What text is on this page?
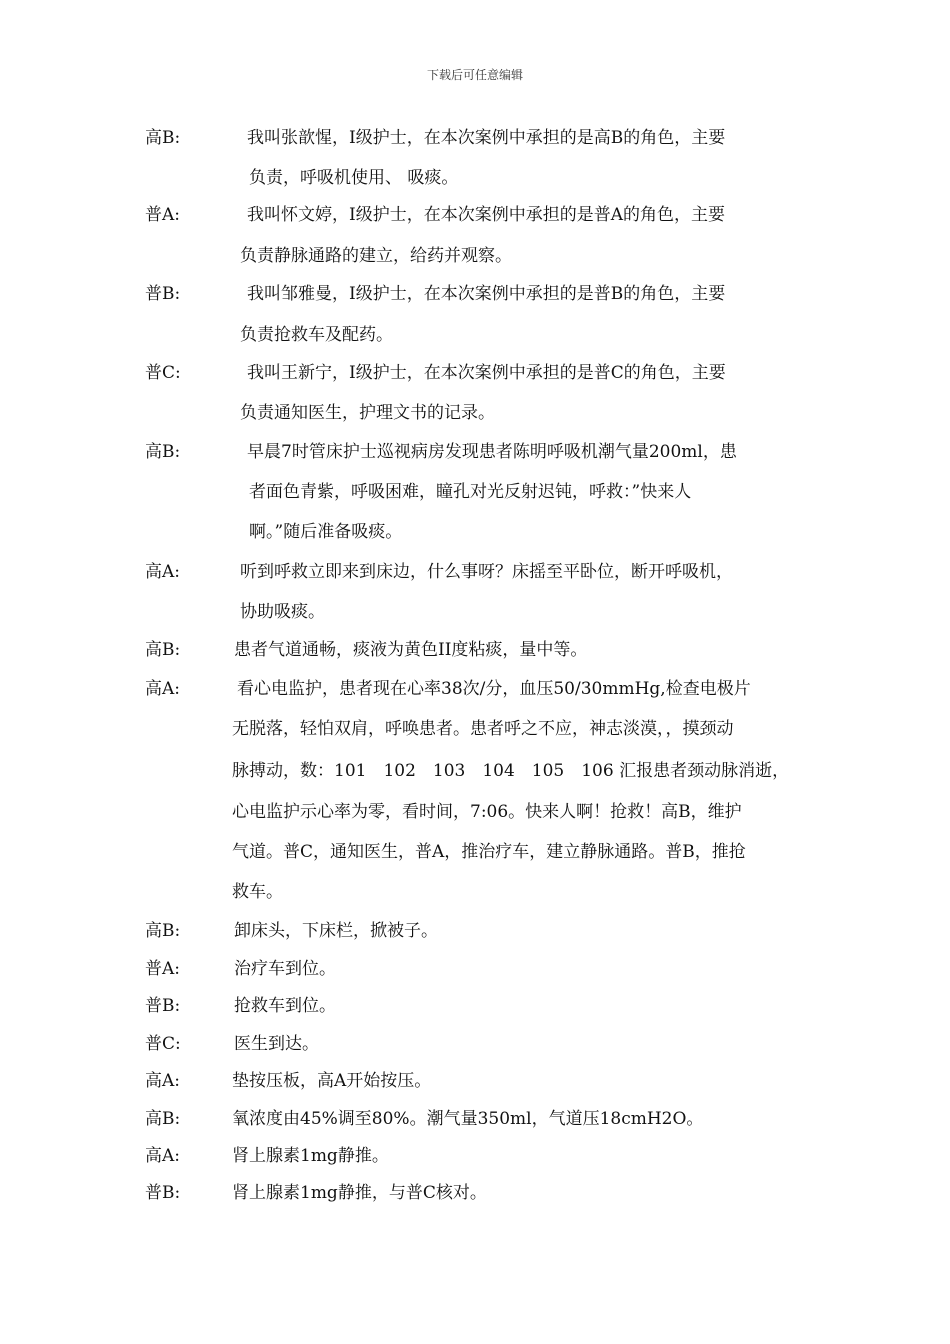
下载后可任意编辑
高B:	我叫张歆惺，Ⅰ级护士，在本次案例中承担的是高B的角色，主要
负责，呼吸机使用、 吸痰。
普A:	我叫怀文婷，Ⅰ级护士，在本次案例中承担的是普A的角色，主要
负责静脉通路的建立，给药并观察。
普B:	我叫邹雅曼，Ⅰ级护士，在本次案例中承担的是普B的角色，主要
负责抢救车及配药。
普C:	我叫王新宁，Ⅰ级护士，在本次案例中承担的是普C的角色，主要
负责通知医生，护理文书的记录。
高B:	早晨7时管床护士巡视病房发现患者陈明呼吸机潮气量200ml，患
者面色青紫，呼吸困难，瞳孔对光反射迟钝，呼救：”快来人
啊。”随后准备吸痰。
高A:	听到呼救立即来到床边，什么事呀？床摇至平卧位，断开呼吸机，
协助吸痰。
高B:	患者气道通畅，痰液为黄色II度粘痰，量中等。
高A:	看心电监护，患者现在心率38次/分，血压50/30mmHg,检查电极片
无脱落，轻怕双肩，呼唤患者。患者呼之不应，神志淡漠，，摸颈动
脉搏动，数：101　102　103　104　105　106 汇报患者颈动脉消逝，
心电监护示心率为零，看时间，7:06。快来人啊！抢救！高B，维护
气道。普C，通知医生，普A，推治疗车，建立静脉通路。普B，推抢
救车。
高B:	卸床头，下床栏，掀被子。
普A:	治疗车到位。
普B:	抢救车到位。
普C:	医生到达。
高A:	垫按压板，高A开始按压。
高B:	氧浓度由45%调至80%。潮气量350ml，气道压18cmH2O。
高A:	肾上腺素1mg静推。
普B:	肾上腺素1mg静推，与普C核对。
